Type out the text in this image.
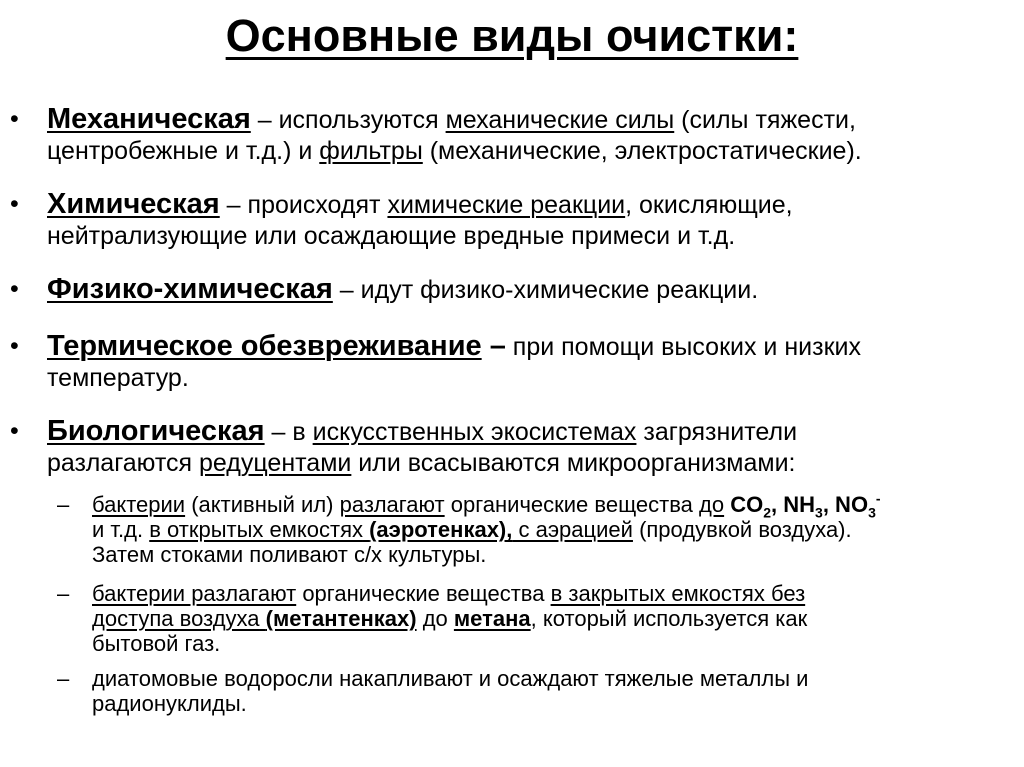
Основные виды очистки:
• Механическая – используются механические силы (силы тяжести,
центробежные и т.д.) и фильтры (механические, электростатические).
• Химическая – происходят химические реакции, окисляющие,
нейтрализующие или осаждающие вредные примеси и т.д.
• Физико-химическая – идут физико-химические реакции.
• Термическое обезвреживание – при помощи высоких и низких
температур.
• Биологическая – в искусственных экосистемах загрязнители
разлагаются редуцентами или всасываются микроорганизмами:
– бактерии (активный ил) разлагают органические вещества до $CO_2$, $NH_3$, $NO_3^-$
и т.д. в открытых емкостях (аэротенках), с аэрацией (продувкой воздуха).
Затем стоками поливают с/х культуры.
– бактерии разлагают органические вещества в закрытых емкостях без
доступа воздуха (метантенках) до метана, который используется как
бытовой газ.
– диатомовые водоросли накапливают и осаждают тяжелые металлы и
радионуклиды.
